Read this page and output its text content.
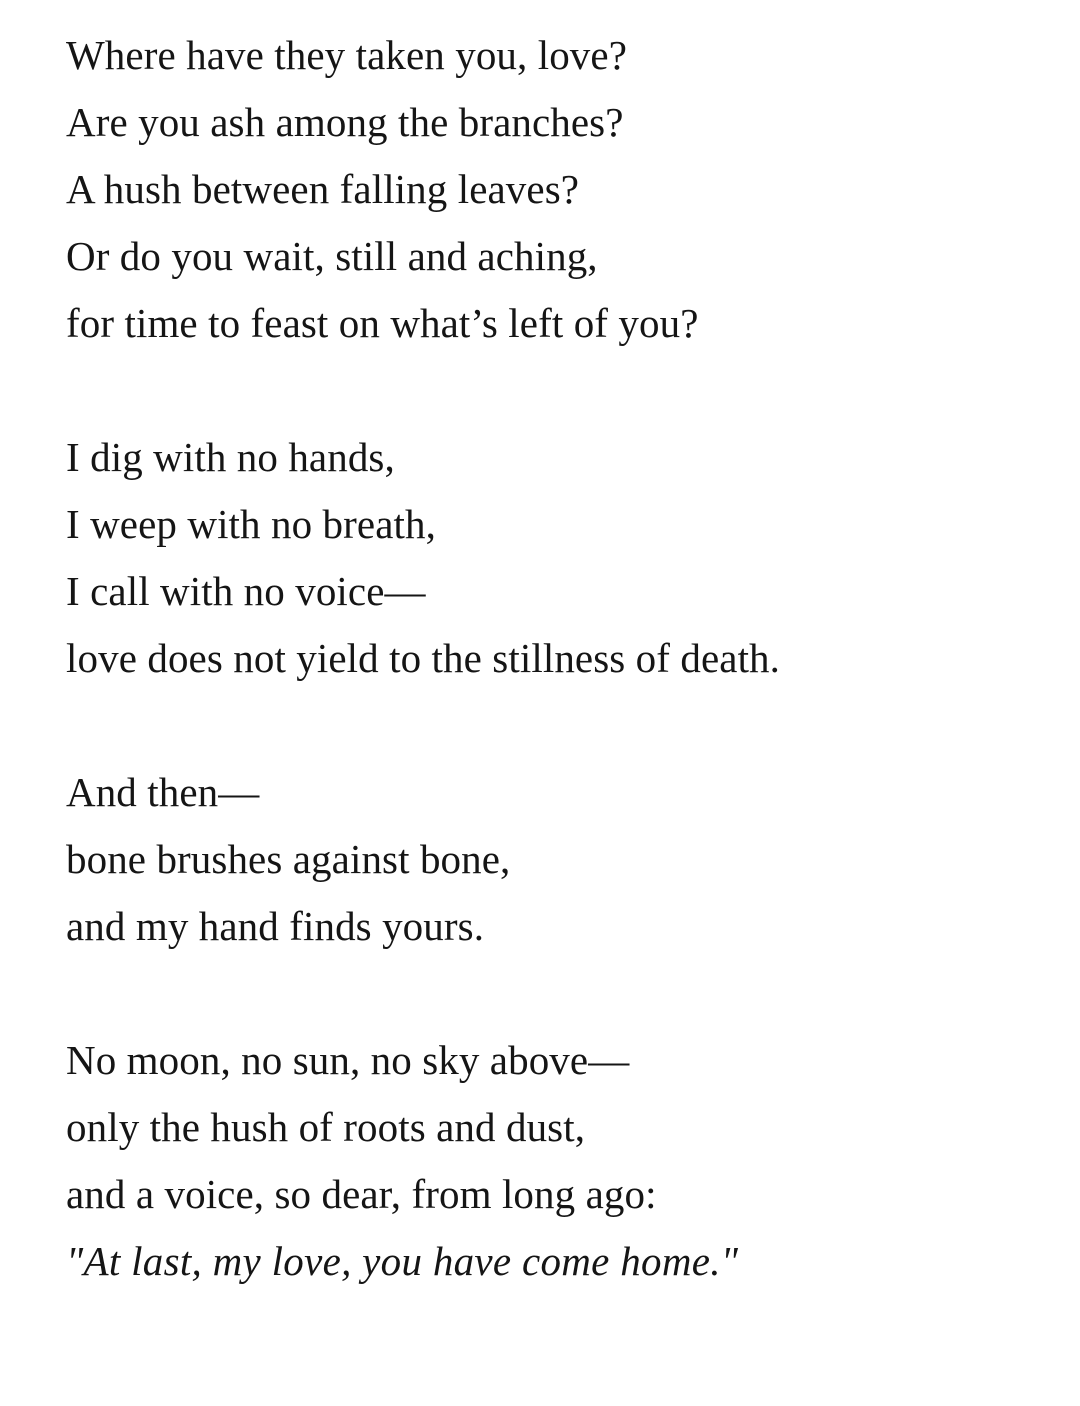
Where have they taken you, love?
Are you ash among the branches?
A hush between falling leaves?
Or do you wait, still and aching,
for time to feast on what’s left of you?
I dig with no hands,
I weep with no breath,
I call with no voice—
love does not yield to the stillness of death.
And then—
bone brushes against bone,
and my hand finds yours.
No moon, no sun, no sky above—
only the hush of roots and dust,
and a voice, so dear, from long ago:
"At last, my love, you have come home."
